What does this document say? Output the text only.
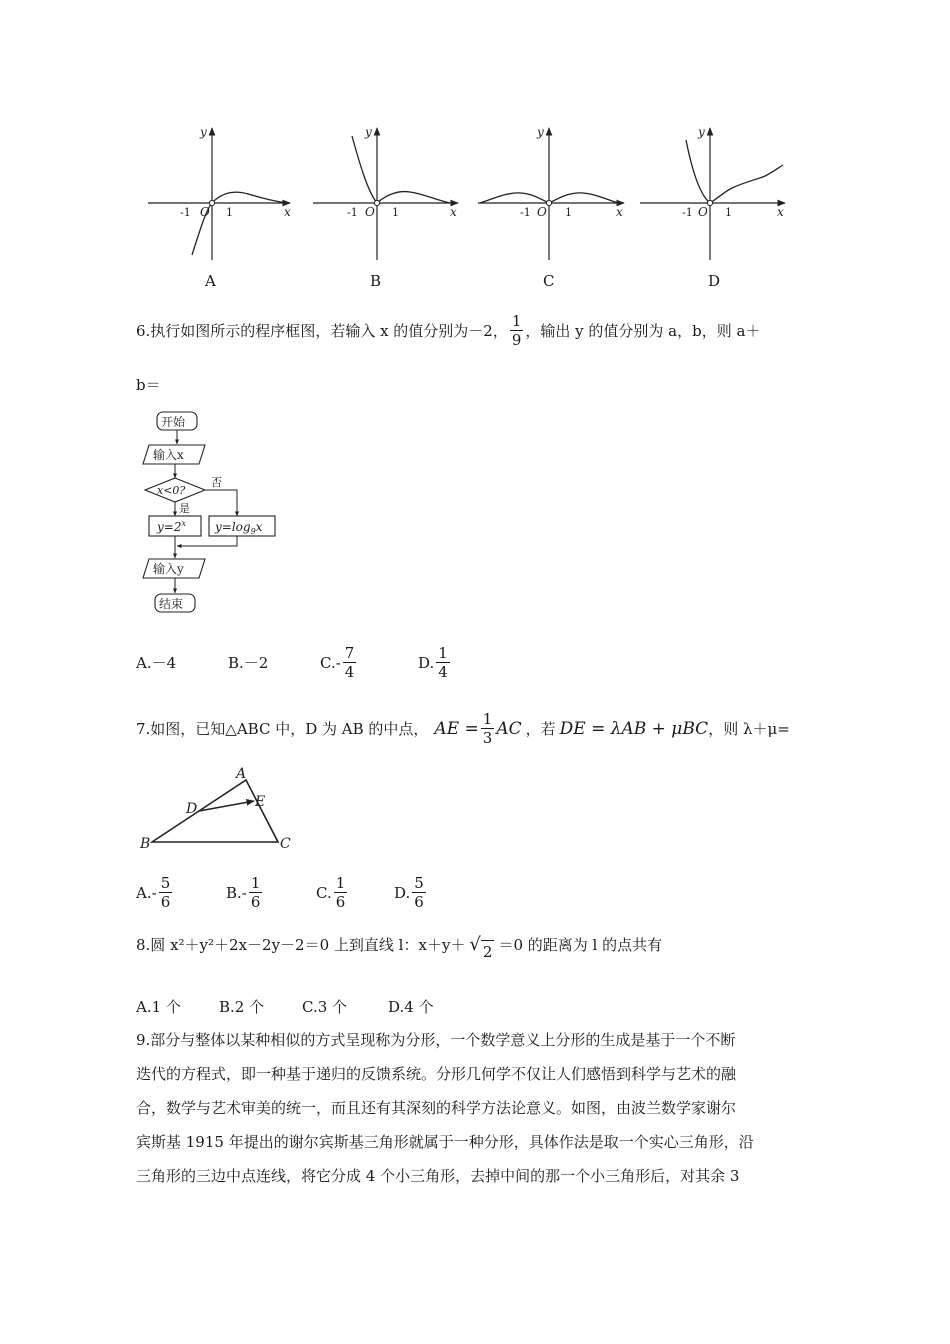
y
x
O
-1	1
y
x
-1 O 1
y
x
-1 O 1
y
x
-1 O 1
A	B	C	D
6.执行如图所示的程序框图，若输入 x 的值分别为－2， $\frac{1}{9}$ ，输出 y 的值分别为 a，b，则 a＋
b＝
开始
输入x
x<0?
否
是
$y=2^x$ $y=\log_9x$
输入y
结束
A.－4	B.－2	C. - $\frac{7}{4}$	D. $\frac{1}{4}$
7.如图，已知△ABC 中，D 为 AB 的中点， AE = $\frac{1}{3}$ AC ，若 DE = λAB + μBC ，则 λ＋μ=
A
B	C
D	E
A. - $\frac{5}{6}$	B. - $\frac{1}{6}$	C. $\frac{1}{6}$	D. $\frac{5}{6}$
8.圆 x²＋y²＋2x－2y－2＝0 上到直线 l：x＋y＋ √ 2 ＝0 的距离为 l 的点共有
A.1 个	B.2 个	C.3 个	D.4 个
9.部分与整体以某种相似的方式呈现称为分形，一个数学意义上分形的生成是基于一个不断
迭代的方程式，即一种基于递归的反馈系统。分形几何学不仅让人们感悟到科学与艺术的融
合，数学与艺术审美的统一，而且还有其深刻的科学方法论意义。如图，由波兰数学家谢尔
宾斯基 1915 年提出的谢尔宾斯基三角形就属于一种分形，具体作法是取一个实心三角形，沿
三角形的三边中点连线，将它分成 4 个小三角形，去掉中间的那一个小三角形后，对其余 3
